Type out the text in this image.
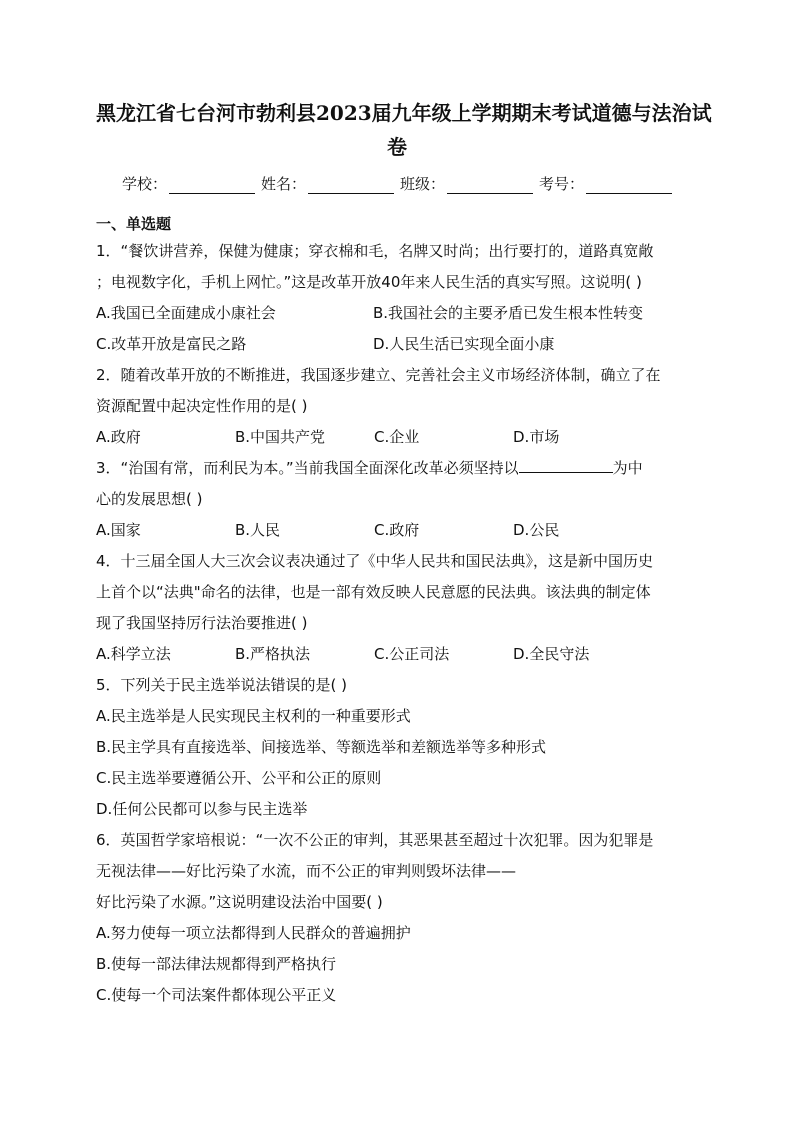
黑龙江省七台河市勃利县2023届九年级上学期期末考试道德与法治试
卷
学校：	姓名：	班级：	考号：
一、单选题
1．“餐饮讲营养，保健为健康；穿衣棉和毛，名牌又时尚；出行要打的，道路真宽敞
；电视数字化，手机上网忙。”这是改革开放40年来人民生活的真实写照。这说明( )
A.我国已全面建成小康社会	B.我国社会的主要矛盾已发生根本性转变
C.改革开放是富民之路	D.人民生活已实现全面小康
2．随着改革开放的不断推进，我国逐步建立、完善社会主义市场经济体制，确立了在
资源配置中起决定性作用的是( )
A.政府	B.中国共产党	C.企业	D.市场
3．“治国有常，而利民为本。”当前我国全面深化改革必须坚持以	为中
心的发展思想( )
A.国家	B.人民	C.政府	D.公民
4．十三届全国人大三次会议表决通过了《中华人民共和国民法典》，这是新中国历史
上首个以“法典"命名的法律，也是一部有效反映人民意愿的民法典。该法典的制定体
现了我国坚持厉行法治要推进( )
A.科学立法	B.严格执法	C.公正司法	D.全民守法
5．下列关于民主选举说法错误的是( )
A.民主选举是人民实现民主权利的一种重要形式
B.民主学具有直接选举、间接选举、等额选举和差额选举等多种形式
C.民主选举要遵循公开、公平和公正的原则
D.任何公民都可以参与民主选举
6．英国哲学家培根说：“一次不公正的审判，其恶果甚至超过十次犯罪。因为犯罪是
无视法律——好比污染了水流，而不公正的审判则毁坏法律——
好比污染了水源。”这说明建设法治中国要( )
A.努力使每一项立法都得到人民群众的普遍拥护
B.使每一部法律法规都得到严格执行
C.使每一个司法案件都体现公平正义
